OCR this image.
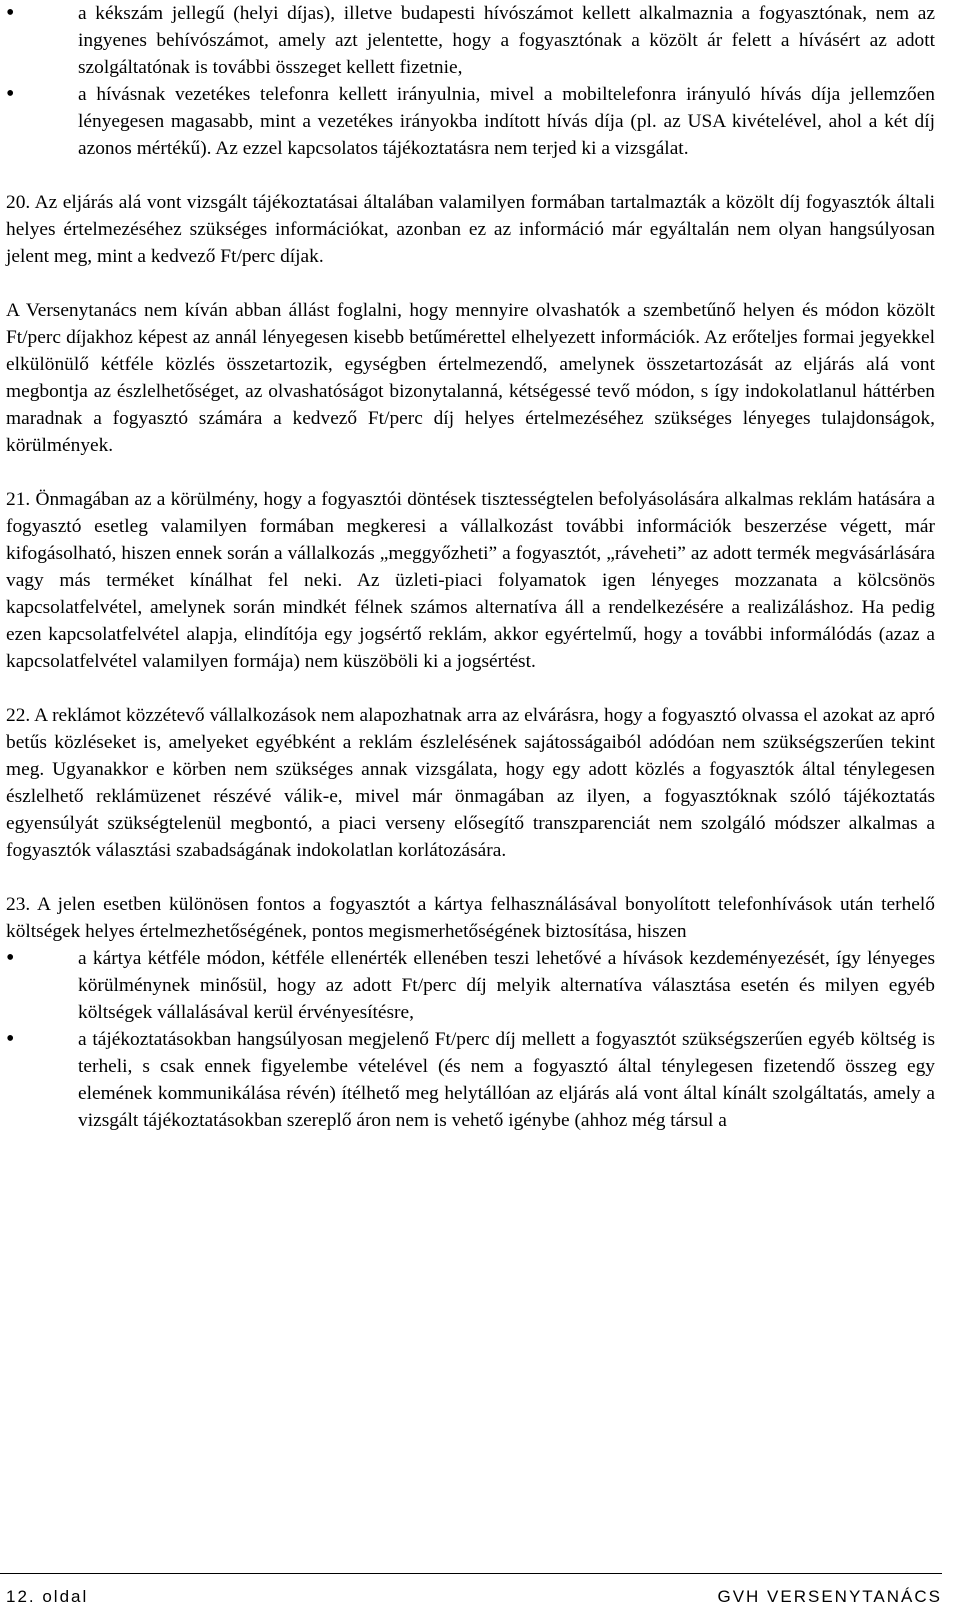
• a kékszám jellegű (helyi díjas), illetve budapesti hívószámot kellett alkalmaznia a fogyasztónak, nem az ingyenes behívószámot, amely azt jelentette, hogy a fogyasztónak a közölt ár felett a hívásért az adott szolgáltatónak is további összeget kellett fizetnie,
• a hívásnak vezetékes telefonra kellett irányulnia, mivel a mobiltelefonra irányuló hívás díja jellemzően lényegesen magasabb, mint a vezetékes irányokba indított hívás díja (pl. az USA kivételével, ahol a két díj azonos mértékű). Az ezzel kapcsolatos tájékoztatásra nem terjed ki a vizsgálat.

20. Az eljárás alá vont vizsgált tájékoztatásai általában valamilyen formában tartalmazták a közölt díj fogyasztók általi helyes értelmezéséhez szükséges információkat, azonban ez az információ már egyáltalán nem olyan hangsúlyosan jelent meg, mint a kedvező Ft/perc díjak.

A Versenytanács nem kíván abban állást foglalni, hogy mennyire olvashatók a szembetűnő helyen és módon közölt Ft/perc díjakhoz képest az annál lényegesen kisebb betűmérettel elhelyezett információk. Az erőteljes formai jegyekkel elkülönülő kétféle közlés összetartozik, egységben értelmezendő, amelynek összetartozását az eljárás alá vont megbontja az észlelhetőséget, az olvashatóságot bizonytalanná, kétségessé tevő módon, s így indokolatlanul háttérben maradnak a fogyasztó számára a kedvező Ft/perc díj helyes értelmezéséhez szükséges lényeges tulajdonságok, körülmények.

21. Önmagában az a körülmény, hogy a fogyasztói döntések tisztességtelen befolyásolására alkalmas reklám hatására a fogyasztó esetleg valamilyen formában megkeresi a vállalkozást további információk beszerzése végett, már kifogásolható, hiszen ennek során a vállalkozás „meggyőzheti” a fogyasztót, „ráveheti” az adott termék megvásárlására vagy más terméket kínálhat fel neki. Az üzleti-piaci folyamatok igen lényeges mozzanata a kölcsönös kapcsolatfelvétel, amelynek során mindkét félnek számos alternatíva áll a rendelkezésére a realizáláshoz. Ha pedig ezen kapcsolatfelvétel alapja, elindítója egy jogsértő reklám, akkor egyértelmű, hogy a további informálódás (azaz a kapcsolatfelvétel valamilyen formája) nem küszöböli ki a jogsértést.

22. A reklámot közzétevő vállalkozások nem alapozhatnak arra az elvárásra, hogy a fogyasztó olvassa el azokat az apró betűs közléseket is, amelyeket egyébként a reklám észlelésének sajátosságaiból adódóan nem szükségszerűen tekint meg. Ugyanakkor e körben nem szükséges annak vizsgálata, hogy egy adott közlés a fogyasztók által ténylegesen észlelhető reklámüzenet részévé válik-e, mivel már önmagában az ilyen, a fogyasztóknak szóló tájékoztatás egyensúlyát szükségtelenül megbontó, a piaci verseny elősegítő transzparenciát nem szolgáló módszer alkalmas a fogyasztók választási szabadságának indokolatlan korlátozására.

23. A jelen esetben különösen fontos a fogyasztót a kártya felhasználásával bonyolított telefonhívások után terhelő költségek helyes értelmezhetőségének, pontos megismerhetőségének biztosítása, hiszen

• a kártya kétféle módon, kétféle ellenérték ellenében teszi lehetővé a hívások kezdeményezését, így lényeges körülménynek minősül, hogy az adott Ft/perc díj melyik alternatíva választása esetén és milyen egyéb költségek vállalásával kerül érvényesítésre,
• a tájékoztatásokban hangsúlyosan megjelenő Ft/perc díj mellett a fogyasztót szükségszerűen egyéb költség is terheli, s csak ennek figyelembe vételével (és nem a fogyasztó által ténylegesen fizetendő összeg egy elemének kommunikálása révén) ítélhető meg helytállóan az eljárás alá vont által kínált szolgáltatás, amely a vizsgált tájékoztatásokban szereplő áron nem is vehető igénybe (ahhoz még társul a
12. oldal	GVH VERSENYTANÁCS
